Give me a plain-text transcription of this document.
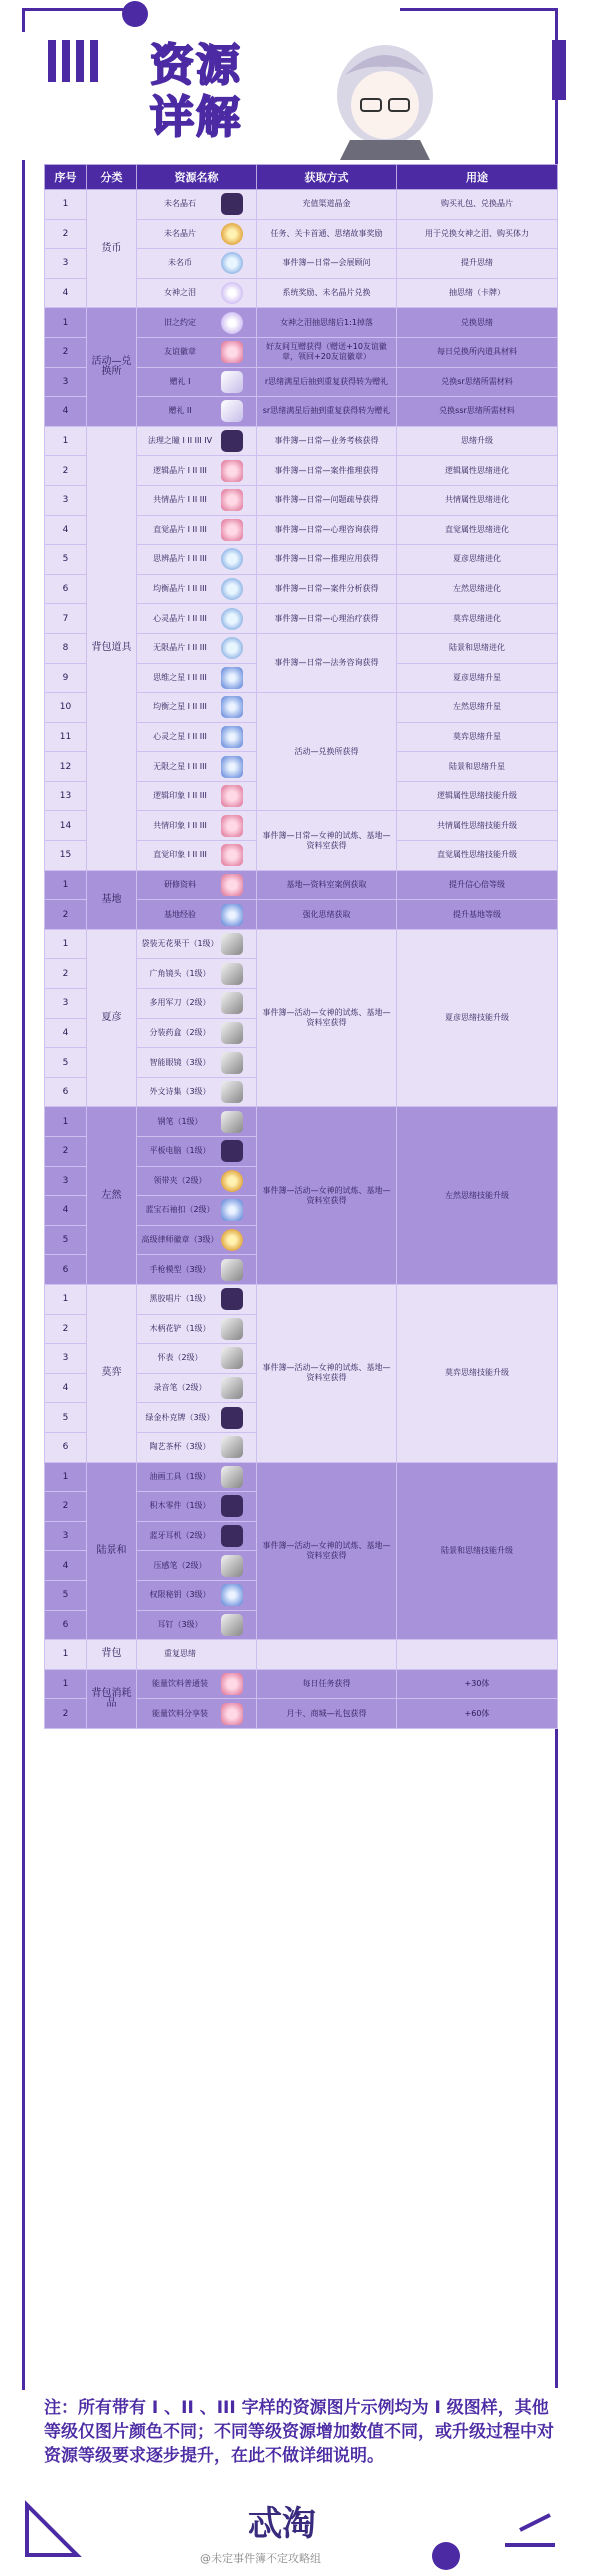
资源
详解
序号	分类	资源名称	获取方式	用途
1	货币	未名晶石	充值渠道晶金	购买礼包、兑换晶片
2		未名晶片	任务、关卡首通、思绪故事奖励	用于兑换女神之泪、购买体力
3		未名币	事件簿—日常—会展顾问	提升思绪
4		女神之泪	系统奖励、未名晶片兑换	抽思绪（卡牌）
1	活动—兑换所	旧之约定	女神之泪抽思绪后1:1掉落	兑换思绪
2		友谊徽章	好友间互赠获得（赠送+10友谊徽章，领回+20友谊徽章）	每日兑换所内道具材料
3		赠礼 I	r思绪满星后抽到重复获得转为赠礼	兑换sr思绪所需材料
4		赠礼 II	sr思绪满星后抽到重复获得转为赠礼	兑换ssr思绪所需材料
1	背包道具	法理之瞳 I II III IV	事件簿—日常—业务考核获得	思绪升级
2		逻辑晶片 I II III	事件簿—日常—案件推理获得	逻辑属性思绪进化
3		共情晶片 I II III	事件簿—日常—问题疏导获得	共情属性思绪进化
4		直觉晶片 I II III	事件簿—日常—心理咨询获得	直觉属性思绪进化
5		思辨晶片 I II III	事件簿—日常—推理应用获得	夏彦思绪进化
6		均衡晶片 I II III	事件簿—日常—案件分析获得	左然思绪进化
7		心灵晶片 I II III	事件簿—日常—心理治疗获得	莫弈思绪进化
8		无限晶片 I II III	事件簿—日常—法务咨询获得	陆景和思绪进化
9		思维之星 I II III		夏彦思绪升星
10		均衡之星 I II III	活动—兑换所获得	左然思绪升星
11		心灵之星 I II III		莫弈思绪升星
12		无限之星 I II III		陆景和思绪升星
13		逻辑印象 I II III		逻辑属性思绪技能升级
14		共情印象 I II III	事件簿—日常—女神的试炼、基地—资料室获得	共情属性思绪技能升级
15		直觉印象 I II III		直觉属性思绪技能升级
1	基地	研修资料	基地—资料室案例获取	提升信心倍等级
2		基地经验	强化思绪获取	提升基地等级
1	夏彦	袋装无花果干（1级）	事件簿—活动—女神的试炼、基地—资料室获得	夏彦思绪技能升级
2		广角镜头（1级）		
3		多用军刀（2级）		
4		分装药盒（2级）		
5		智能眼镜（3级）		
6		外文诗集（3级）		
1	左然	钢笔（1级）	事件簿—活动—女神的试炼、基地—资料室获得	左然思绪技能升级
2		平板电脑（1级）		
3		领带夹（2级）		
4		蓝宝石袖扣（2级）		
5		高级律师徽章（3级）		
6		手枪模型（3级）		
1	莫弈	黑胶唱片（1级）	事件簿—活动—女神的试炼、基地—资料室获得	莫弈思绪技能升级
2		木柄花铲（1级）		
3		怀表（2级）		
4		录音笔（2级）		
5		绿金朴克牌（3级）		
6		陶艺茶杯（3级）		
1	陆景和	油画工具（1级）	事件簿—活动—女神的试炼、基地—资料室获得	陆景和思绪技能升级
2		积木零件（1级）		
3		蓝牙耳机（2级）		
4		压感笔（2级）		
5		权限秘钥（3级）		
6		耳钉（3级）		
1	背包	重复思绪		
1	背包消耗品	能量饮料普通装	每日任务获得	+30体
2		能量饮料分享装	月卡、商城—礼包获得	+60体
注：所有带有 I 、II 、III 字样的资源图片示例均为 I 级图样，其他等级仅图片颜色不同；不同等级资源增加数值不同，或升级过程中对资源等级要求逐步提升，在此不做详细说明。
忒淘
@未定事件簿不定攻略组
